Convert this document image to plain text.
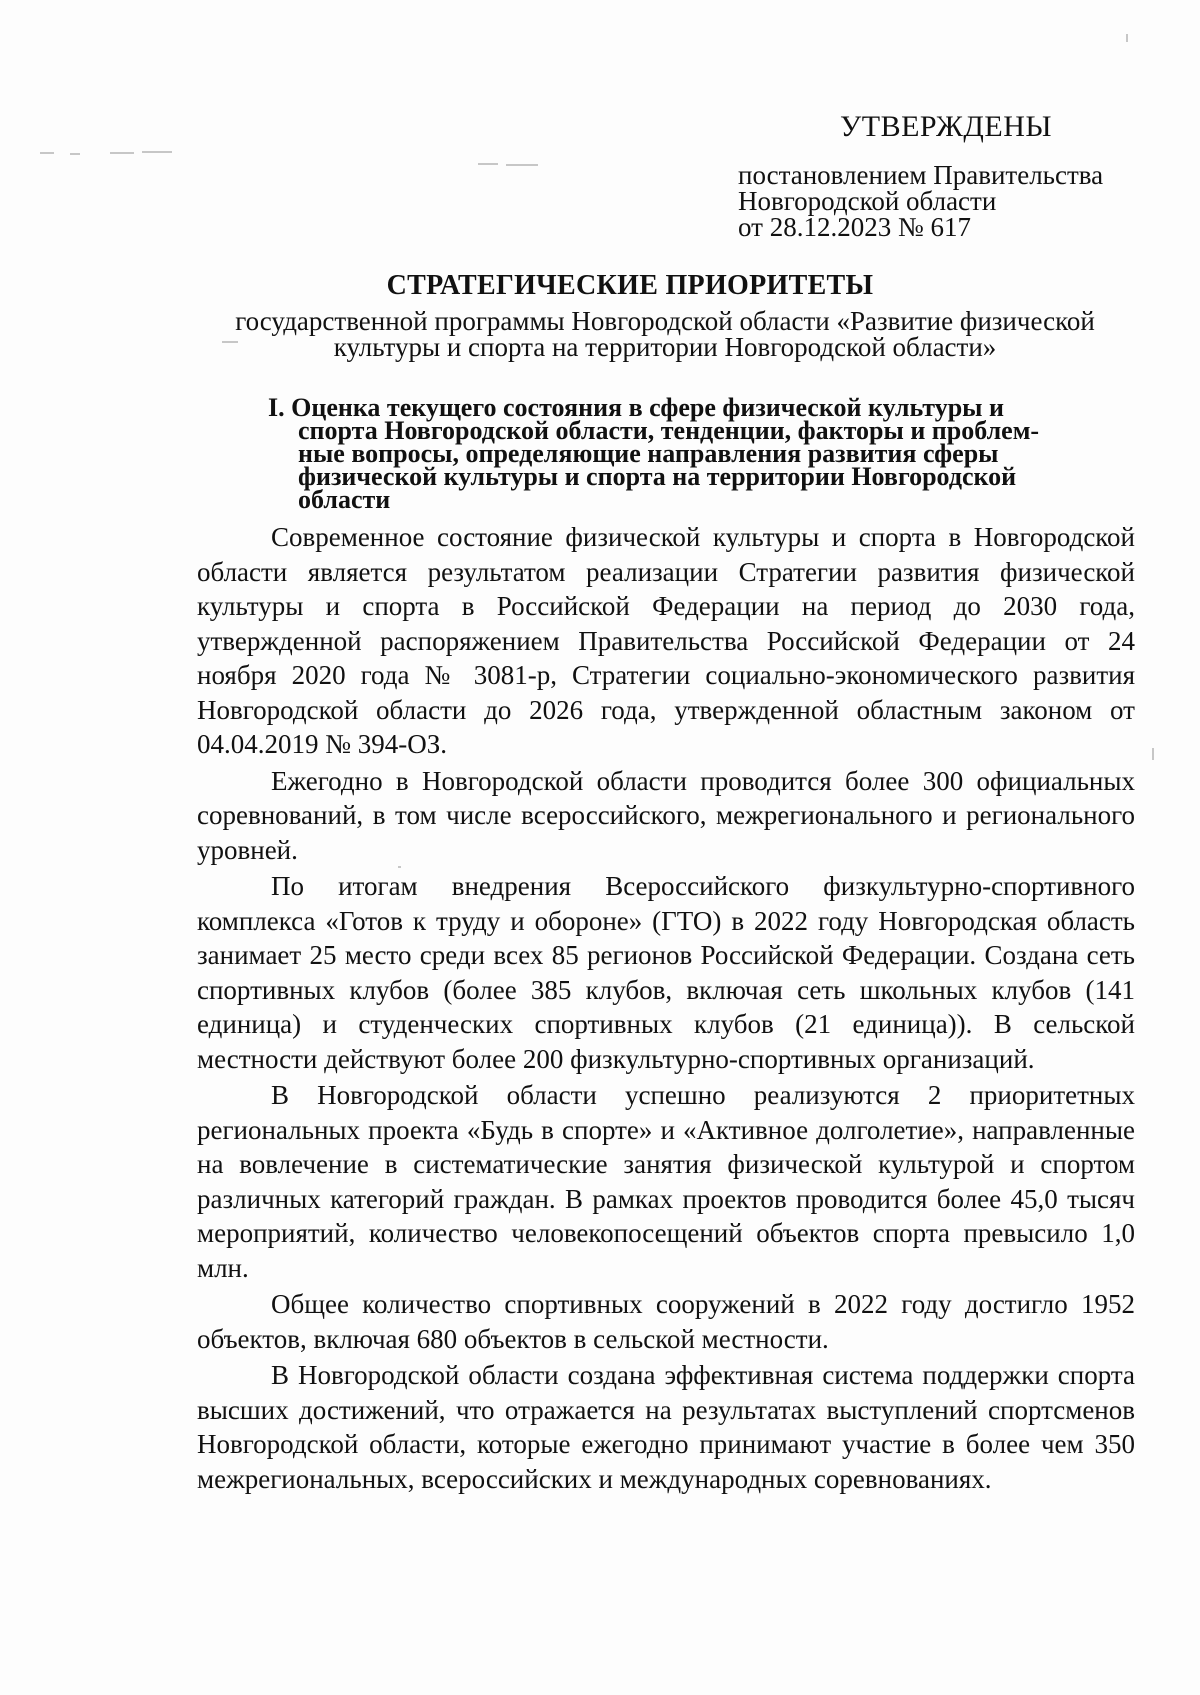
УТВЕРЖДЕНЫ
постановлением Правительства
Новгородской области
от 28.12.2023 № 617
СТРАТЕГИЧЕСКИЕ ПРИОРИТЕТЫ
государственной программы Новгородской области «Развитие физической
культуры и спорта на территории Новгородской области»
I. Оценка текущего состояния в сфере физической культуры и
спорта Новгородской области, тенденции, факторы и проблем-
ные вопросы, определяющие направления развития сферы
физической культуры и спорта на территории Новгородской
области

Современное состояние физической культуры и спорта в Новгородской области является результатом реализации Стратегии развития физической культуры и спорта в Российской Федерации на период до 2030 года, утвержденной распоряжением Правительства Российской Федерации от 24 ноября 2020 года № 3081-р, Стратегии социально-экономического развития Новгородской области до 2026 года, утвержденной областным законом от 04.04.2019 № 394-ОЗ.

Ежегодно в Новгородской области проводится более 300 официальных соревнований, в том числе всероссийского, межрегионального и регионального уровней.

По итогам внедрения Всероссийского физкультурно-спортивного комплекса «Готов к труду и обороне» (ГТО) в 2022 году Новгородская область занимает 25 место среди всех 85 регионов Российской Федерации. Создана сеть спортивных клубов (более 385 клубов, включая сеть школьных клубов (141 единица) и студенческих спортивных клубов (21 единица)). В сельской местности действуют более 200 физкультурно-спортивных организаций.

В Новгородской области успешно реализуются 2 приоритетных региональных проекта «Будь в спорте» и «Активное долголетие», направленные на вовлечение в систематические занятия физической культурой и спортом различных категорий граждан. В рамках проектов проводится более 45,0 тысяч мероприятий, количество человекопосещений объектов спорта превысило 1,0 млн.

Общее количество спортивных сооружений в 2022 году достигло 1952 объектов, включая 680 объектов в сельской местности.

В Новгородской области создана эффективная система поддержки спорта высших достижений, что отражается на результатах выступлений спортсменов Новгородской области, которые ежегодно принимают участие в более чем 350 межрегиональных, всероссийских и международных соревнованиях.
